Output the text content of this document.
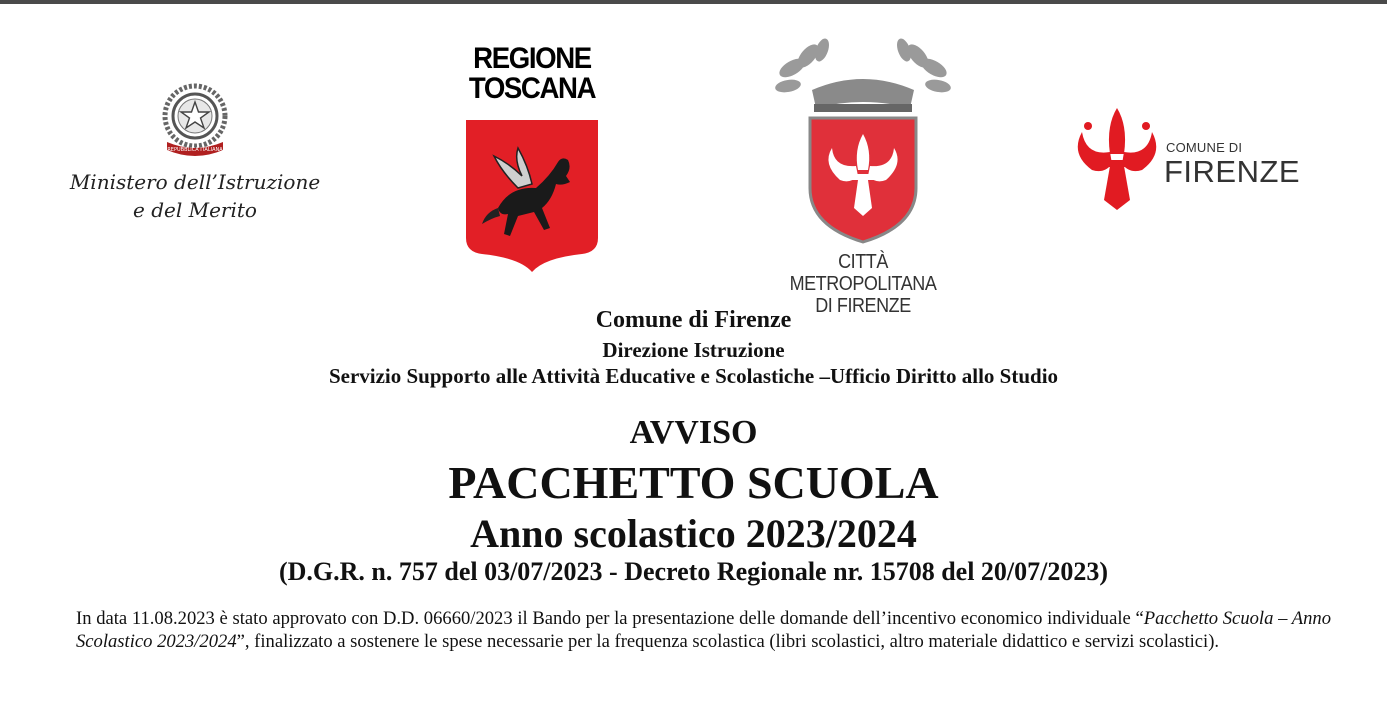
REPUBBLICA ITALIANA
Ministero dell’Istruzione
e del Merito
REGIONE
TOSCANA
CITTÀ METROPOLITANA
DI FIRENZE
COMUNE DI
FIRENZE
Comune di Firenze
Direzione Istruzione
Servizio Supporto alle Attività Educative e Scolastiche –Ufficio Diritto allo Studio
AVVISO
PACCHETTO SCUOLA
Anno scolastico 2023/2024
(D.G.R. n. 757 del 03/07/2023 - Decreto Regionale nr. 15708 del 20/07/2023)
In data 11.08.2023 è stato approvato con D.D. 06660/2023 il Bando per la presentazione delle domande dell’incentivo economico individuale “Pacchetto Scuola – Anno Scolastico 2023/2024”, finalizzato a sostenere le spese necessarie per la frequenza scolastica (libri scolastici, altro materiale didattico e servizi scolastici).
